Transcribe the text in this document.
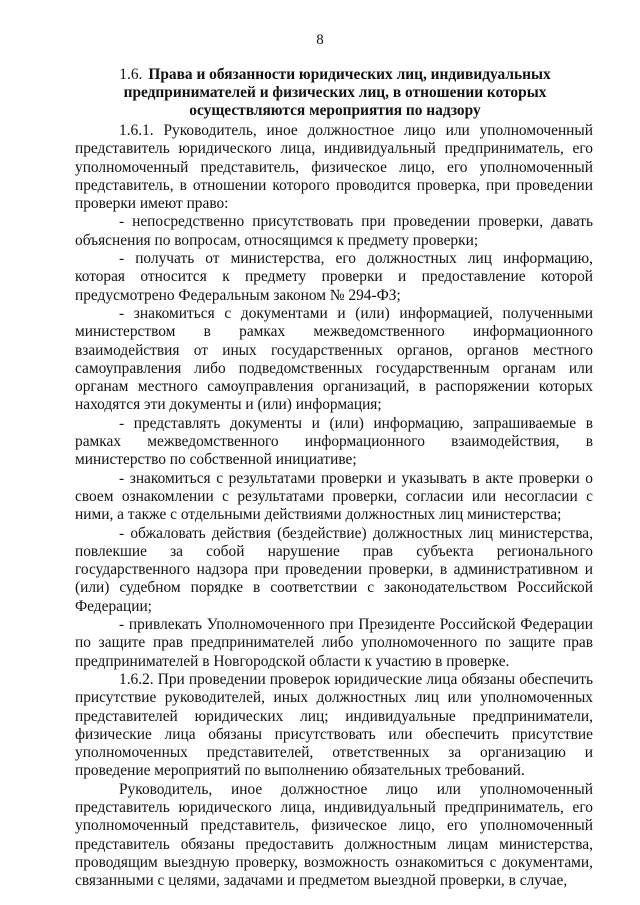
8
1.6. Права и обязанности юридических лиц, индивидуальных предпринимателей и физических лиц, в отношении которых осуществляются мероприятия по надзору

1.6.1. Руководитель, иное должностное лицо или уполномоченный представитель юридического лица, индивидуальный предприниматель, его уполномоченный представитель, физическое лицо, его уполномоченный представитель, в отношении которого проводится проверка, при проведении проверки имеют право:

- непосредственно присутствовать при проведении проверки, давать объяснения по вопросам, относящимся к предмету проверки;

- получать от министерства, его должностных лиц информацию, которая относится к предмету проверки и предоставление которой предусмотрено Федеральным законом № 294-ФЗ;

- знакомиться с документами и (или) информацией, полученными министерством в рамках межведомственного информационного взаимодействия от иных государственных органов, органов местного самоуправления либо подведомственных государственным органам или органам местного самоуправления организаций, в распоряжении которых находятся эти документы и (или) информация;

- представлять документы и (или) информацию, запрашиваемые в рамках межведомственного информационного взаимодействия, в министерство по собственной инициативе;

- знакомиться с результатами проверки и указывать в акте проверки о своем ознакомлении с результатами проверки, согласии или несогласии с ними, а также с отдельными действиями должностных лиц министерства;

- обжаловать действия (бездействие) должностных лиц министерства, повлекшие за собой нарушение прав субъекта регионального государственного надзора при проведении проверки, в административном и (или) судебном порядке в соответствии с законодательством Российской Федерации;

- привлекать Уполномоченного при Президенте Российской Федерации по защите прав предпринимателей либо уполномоченного по защите прав предпринимателей в Новгородской области к участию в проверке.

1.6.2. При проведении проверок юридические лица обязаны обеспечить присутствие руководителей, иных должностных лиц или уполномоченных представителей юридических лиц; индивидуальные предприниматели, физические лица обязаны присутствовать или обеспечить присутствие уполномоченных представителей, ответственных за организацию и проведение мероприятий по выполнению обязательных требований.

Руководитель, иное должностное лицо или уполномоченный представитель юридического лица, индивидуальный предприниматель, его уполномоченный представитель, физическое лицо, его уполномоченный представитель обязаны предоставить должностным лицам министерства, проводящим выездную проверку, возможность ознакомиться с документами, связанными с целями, задачами и предметом выездной проверки, в случае,
